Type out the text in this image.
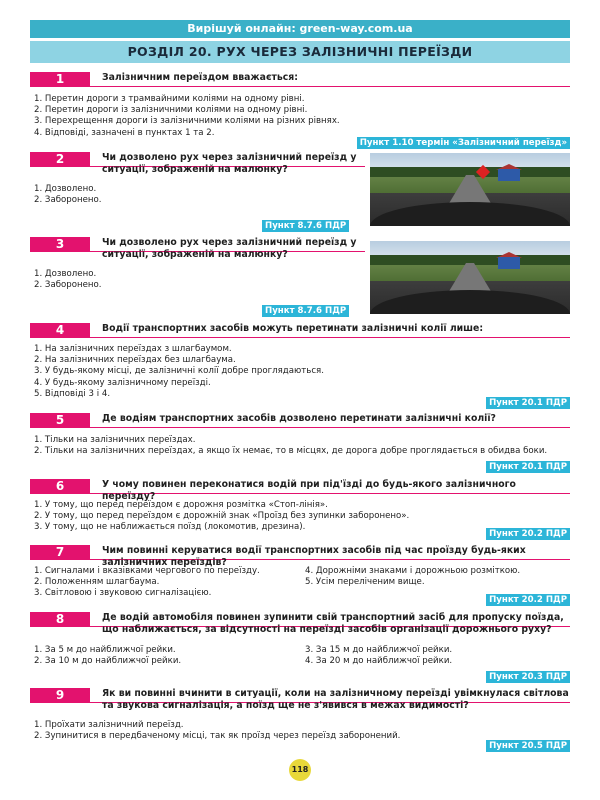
Вирішуй онлайн: green-way.com.ua
РОЗДІЛ 20. РУХ ЧЕРЕЗ ЗАЛІЗНИЧНІ ПЕРЕЇЗДИ
1	Залізничним переїздом вважається:
1. Перетин дороги з трамвайними коліями на одному рівні.
2. Перетин дороги із залізничними коліями на одному рівні.
3. Перехрещення дороги із залізничними коліями на різних рівнях.
4. Відповіді, зазначені в пунктах 1 та 2.
Пункт 1.10 термін «Залізничний переїзд»
2	Чи дозволено рух через залізничний переїзд у ситуації, зображеній на малюнку?
1. Дозволено.
2. Заборонено.
Пункт 8.7.6 ПДР
3	Чи дозволено рух через залізничний переїзд у ситуації, зображеній на малюнку?
1. Дозволено.
2. Заборонено.
Пункт 8.7.6 ПДР
4	Водії транспортних засобів можуть перетинати залізничні колії лише:
1. На залізничних переїздах з шлагбаумом.
2. На залізничних переїздах без шлагбаума.
3. У будь-якому місці, де залізничні колії добре проглядаються.
4. У будь-якому залізничному переїзді.
5. Відповіді 3 і 4.
Пункт 20.1 ПДР
5	Де водіям транспортних засобів дозволено перетинати залізничні колії?
1. Тільки на залізничних переїздах.
2. Тільки на залізничних переїздах, а якщо їх немає, то в місцях, де дорога добре проглядається в обидва боки.
Пункт 20.1 ПДР
6	У чому повинен переконатися водій при під'їзді до будь-якого залізничного переїзду?
1. У тому, що перед переїздом є дорожня розмітка «Стоп-лінія».
2. У тому, що перед переїздом є дорожній знак «Проїзд без зупинки заборонено».
3. У тому, що не наближається поїзд (локомотив, дрезина).
Пункт 20.2 ПДР
7	Чим повинні керуватися водії транспортних засобів під час проїзду будь-яких залізничних переїздів?
1. Сигналами і вказівками чергового по переїзду.
2. Положенням шлагбаума.
3. Світловою і звуковою сигналізацією.
4. Дорожніми знаками і дорожньою розміткою.
5. Усім переліченим вище.
Пункт 20.2 ПДР
8	Де водій автомобіля повинен зупинити свій транспортний засіб для пропуску поїзда, що наближається, за відсутності на переїзді засобів організації дорожнього руху?
1. За 5 м до найближчої рейки.
2. За 10 м до найближчої рейки.
3. За 15 м до найближчої рейки.
4. За 20 м до найближчої рейки.
Пункт 20.3 ПДР
9	Як ви повинні вчинити в ситуації, коли на залізничному переїзді увімкнулася світлова та звукова сигналізація, а поїзд ще не з'явився в межах видимості?
1. Проїхати залізничний переїзд.
2. Зупинитися в передбаченому місці, так як проїзд через переїзд заборонений.
Пункт 20.5 ПДР
118
